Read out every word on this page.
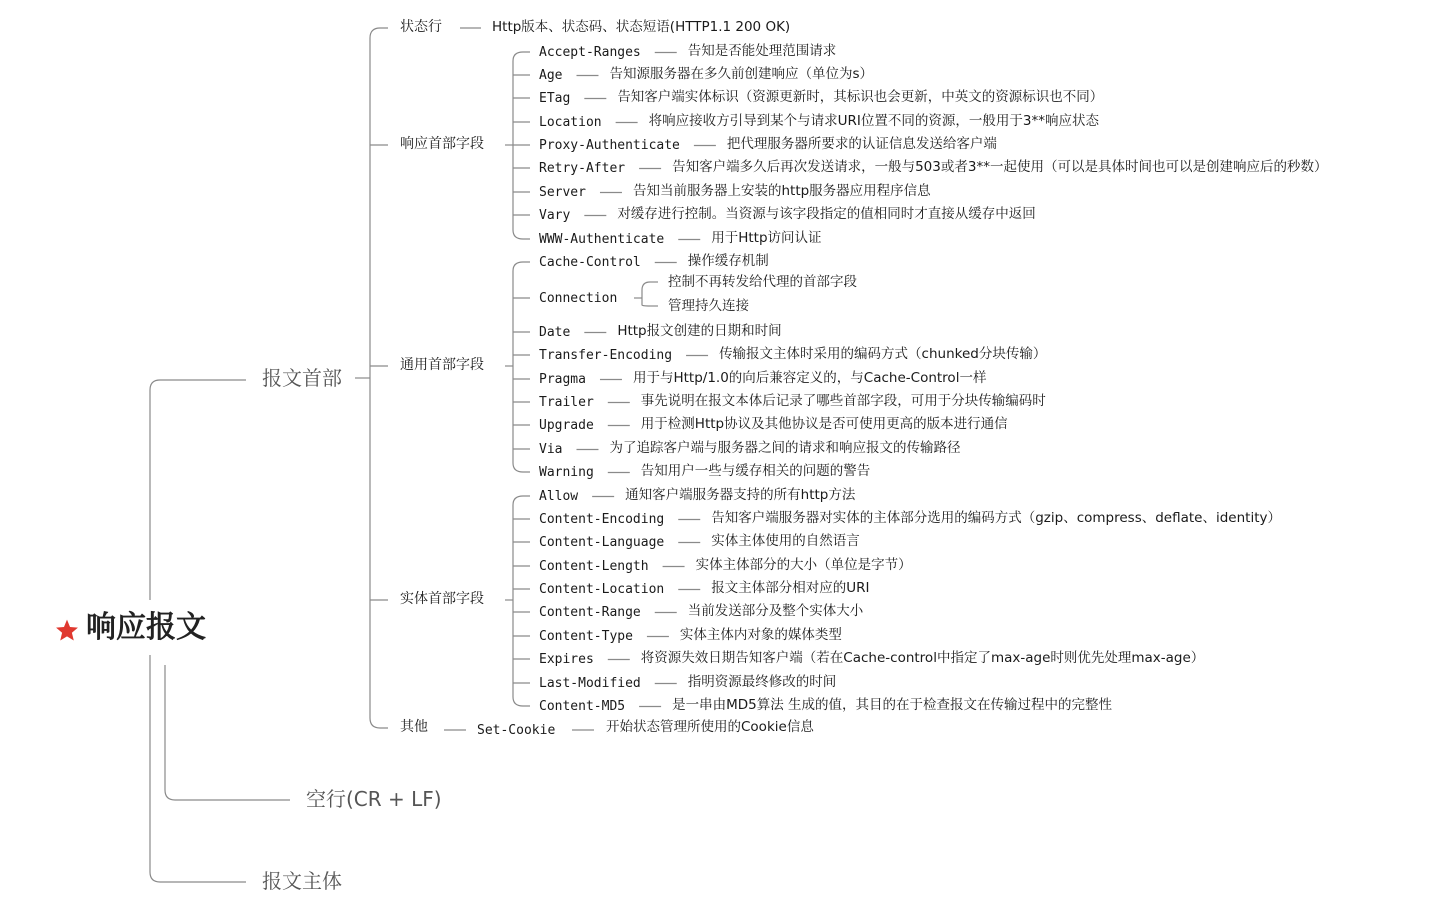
响应报文
报文首部
空行(CR + LF)
报文主体
状态行	Http版本、状态码、状态短语(HTTP1.1 200 OK)
响应首部字段
通用首部字段
实体首部字段
其他	Set-Cookie	开始状态管理所使用的Cookie信息
Accept-Ranges	告知是否能处理范围请求
Age	告知源服务器在多久前创建响应（单位为s）
ETag	告知客户端实体标识（资源更新时，其标识也会更新，中英文的资源标识也不同）
Location	将响应接收方引导到某个与请求URI位置不同的资源，一般用于3**响应状态
Proxy-Authenticate	把代理服务器所要求的认证信息发送给客户端
Retry-After	告知客户端多久后再次发送请求，一般与503或者3**一起使用（可以是具体时间也可以是创建响应后的秒数）
Server	告知当前服务器上安装的http服务器应用程序信息
Vary	对缓存进行控制。当资源与该字段指定的值相同时才直接从缓存中返回
WWW-Authenticate	用于Http访问认证
Cache-Control	操作缓存机制
Connection
控制不再转发给代理的首部字段
管理持久连接
Date	Http报文创建的日期和时间
Transfer-Encoding	传输报文主体时采用的编码方式（chunked分块传输）
Pragma	用于与Http/1.0的向后兼容定义的，与Cache-Control一样
Trailer	事先说明在报文本体后记录了哪些首部字段，可用于分块传输编码时
Upgrade	用于检测Http协议及其他协议是否可使用更高的版本进行通信
Via	为了追踪客户端与服务器之间的请求和响应报文的传输路径
Warning	告知用户一些与缓存相关的问题的警告
Allow	通知客户端服务器支持的所有http方法
Content-Encoding	告知客户端服务器对实体的主体部分选用的编码方式（gzip、compress、deflate、identity）
Content-Language	实体主体使用的自然语言
Content-Length	实体主体部分的大小（单位是字节）
Content-Location	报文主体部分相对应的URI
Content-Range	当前发送部分及整个实体大小
Content-Type	实体主体内对象的媒体类型
Expires	将资源失效日期告知客户端（若在Cache-control中指定了max-age时则优先处理max-age）
Last-Modified	指明资源最终修改的时间
Content-MD5	是一串由MD5算法 生成的值，其目的在于检查报文在传输过程中的完整性
